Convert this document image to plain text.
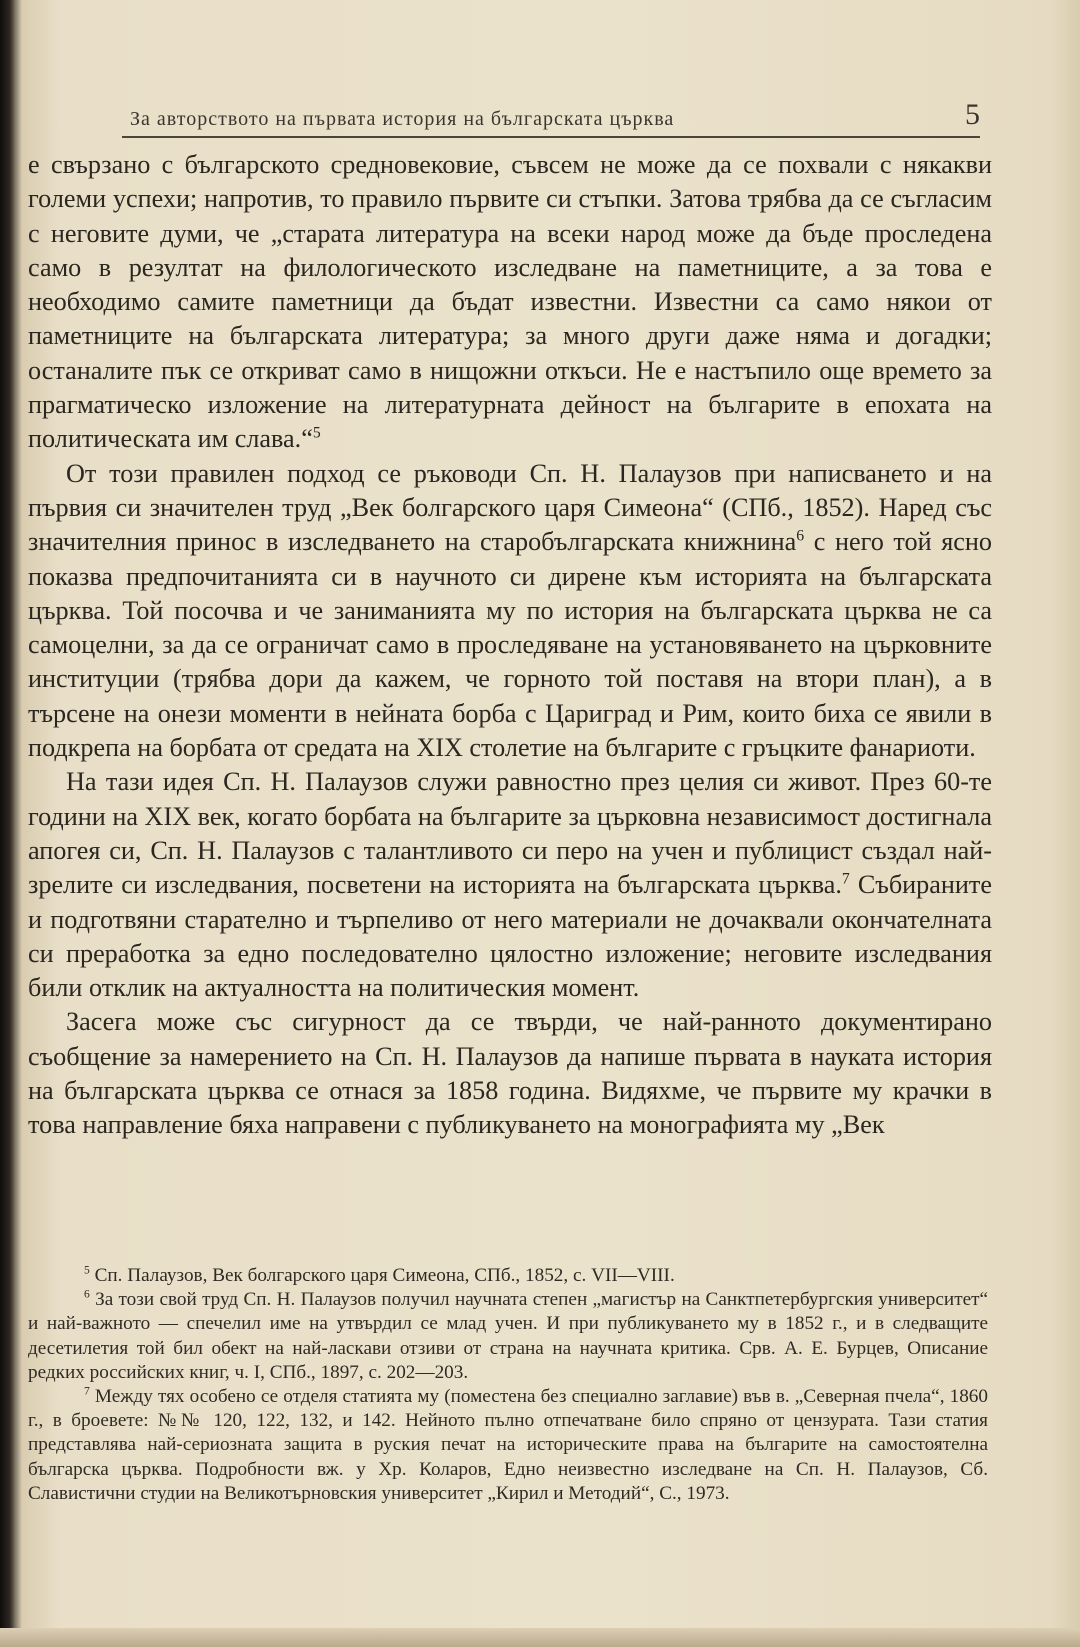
За авторството на първата история на българската църква	5

е свързано с българското средновековие, съвсем не може да се похвали с някакви големи успехи; напротив, то правило първите си стъпки. Затова трябва да се съгласим с неговите думи, че „старата литература на всеки народ може да бъде проследена само в резултат на филологическото изследване на паметниците, а за това е необходимо самите паметници да бъдат известни. Известни са само някои от паметниците на българската литература; за много други даже няма и догадки; останалите пък се откриват само в нищожни откъси. Не е настъпило още времето за прагматическо изложение на литературната дейност на българите в епохата на политическата им слава.“$^5$

От този правилен подход се ръководи Сп. Н. Палаузов при написването и на първия си значителен труд „Век болгарского царя Симеона“ (СПб., 1852). Наред със значителния принос в изследването на старобългарската книжнина$^6$ с него той ясно показва предпочитанията си в научното си дирене към историята на българската църква. Той посочва и че заниманията му по история на българската църква не са самоцелни, за да се ограничат само в проследяване на установяването на църковните институции (трябва дори да кажем, че горното той поставя на втори план), а в търсене на онези моменти в нейната борба с Цариград и Рим, които биха се явили в подкрепа на борбата от средата на XIX столетие на българите с гръцките фанариоти.

На тази идея Сп. Н. Палаузов служи равностно през целия си живот. През 60-те години на XIX век, когато борбата на българите за църковна независимост достигнала апогея си, Сп. Н. Палаузов с талантливото си перо на учен и публицист създал най-зрелите си изследвания, посветени на историята на българската църква.$^7$ Събираните и подготвяни старателно и търпеливо от него материали не дочаквали окончателната си преработка за едно последователно цялостно изложение; неговите изследвания били отклик на актуалността на политическия момент.

Засега може със сигурност да се твърди, че най-ранното документирано съобщение за намерението на Сп. Н. Палаузов да напише първата в науката история на българската църква се отнася за 1858 година. Видяхме, че първите му крачки в това направление бяха направени с публикуването на монографията му „Век

$^5$ Сп. Палаузов, Век болгарского царя Симеона, СПб., 1852, с. VII—VIII.

$^6$ За този свой труд Сп. Н. Палаузов получил научната степен „магистър на Санктпетербургския университет“ и най-важното — спечелил име на утвърдил се млад учен. И при публикуването му в 1852 г., и в следващите десетилетия той бил обект на най-ласкави отзиви от страна на научната критика. Срв. А. Е. Бурцев, Описание редких российских книг, ч. I, СПб., 1897, с. 202—203.

$^7$ Между тях особено се отделя статията му (поместена без специално заглавие) във в. „Северная пчела“, 1860 г., в броевете: №№ 120, 122, 132, и 142. Нейното пълно отпечатване било спряно от цензурата. Тази статия представлява най-сериозната защита в руския печат на историческите права на българите на самостоятелна българска църква. Подробности вж. у Хр. Коларов, Едно неизвестно изследване на Сп. Н. Палаузов, Сб. Славистични студии на Великотърновския университет „Кирил и Методий“, С., 1973.
